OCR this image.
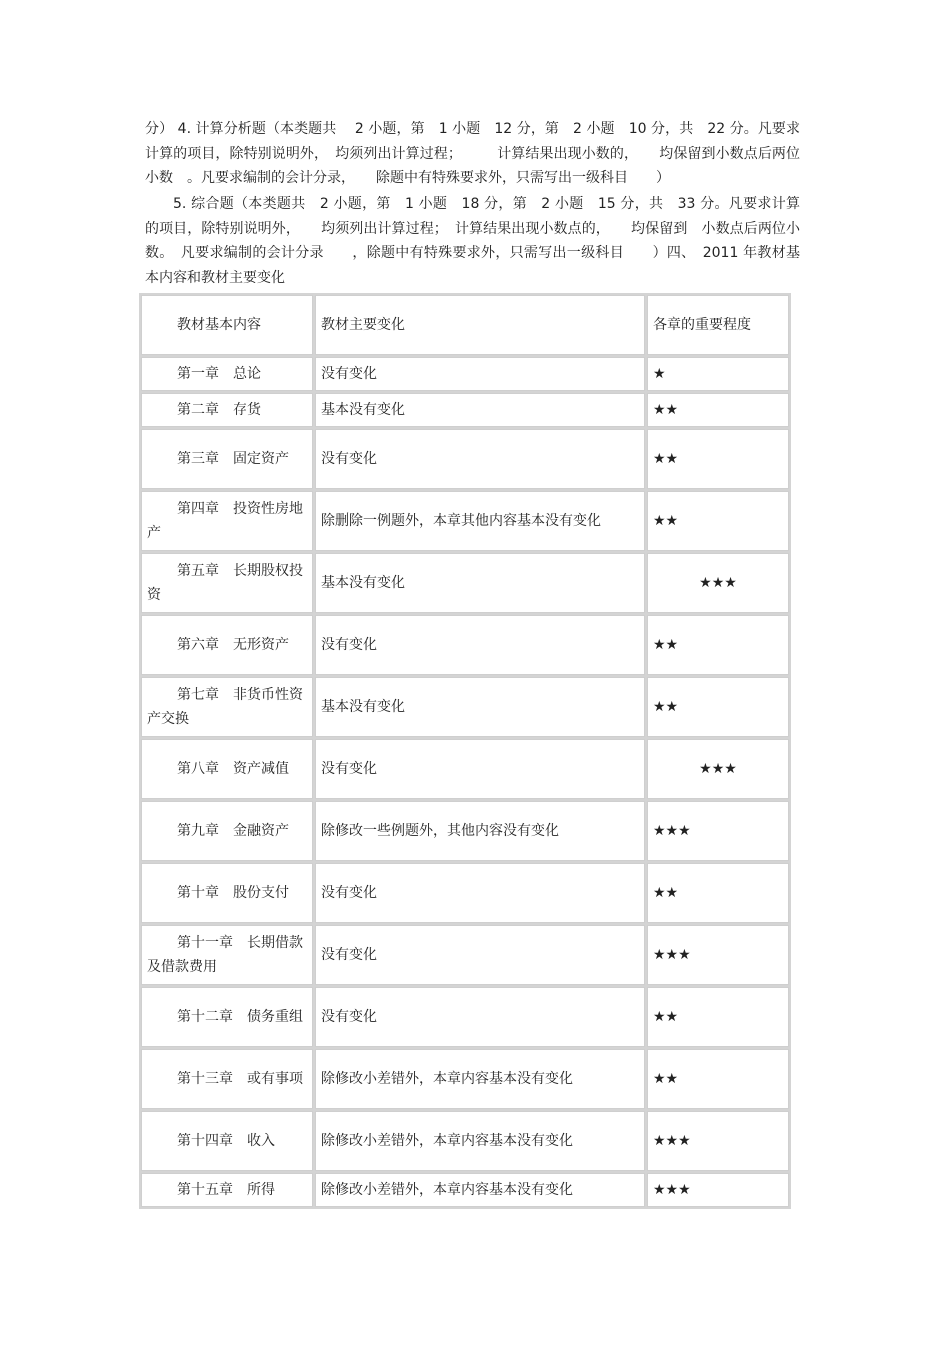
分） 4. 计算分析题（本类题共　 2 小题，第　1 小题　12 分，第　2 小题　10 分，共　22 分。凡要求计算的项目，除特别说明外，　均须列出计算过程；　　　计算结果出现小数的，　　均保留到小数点后两位小数　。凡要求编制的会计分录，　　除题中有特殊要求外，只需写出一级科目　　）
5. 综合题（本类题共　2 小题，第　1 小题　18 分，第　2 小题　15 分，共　33 分。凡要求计算的项目，除特别说明外，　　均须列出计算过程；　计算结果出现小数点的，　　均保留到　小数点后两位小数。　凡要求编制的会计分录　　，除题中有特殊要求外，只需写出一级科目　　）四、　2011 年教材基本内容和教材主要变化
教材基本内容	教材主要变化	各章的重要程度
第一章　总论	没有变化	★
第二章　存货	基本没有变化	★★
第三章　固定资产	没有变化	★★
第四章　投资性房地产	除删除一例题外，本章其他内容基本没有变化	★★
第五章　长期股权投资	基本没有变化	★★★
第六章　无形资产	没有变化	★★
第七章　非货币性资产交换	基本没有变化	★★
第八章　资产减值	没有变化	★★★
第九章　金融资产	除修改一些例题外，其他内容没有变化	★★★
第十章　股份支付	没有变化	★★
第十一章　长期借款及借款费用	没有变化	★★★
第十二章　债务重组	没有变化	★★
第十三章　或有事项	除修改小差错外，本章内容基本没有变化	★★
第十四章　收入	除修改小差错外，本章内容基本没有变化	★★★
第十五章　所得	除修改小差错外，本章内容基本没有变化	★★★
